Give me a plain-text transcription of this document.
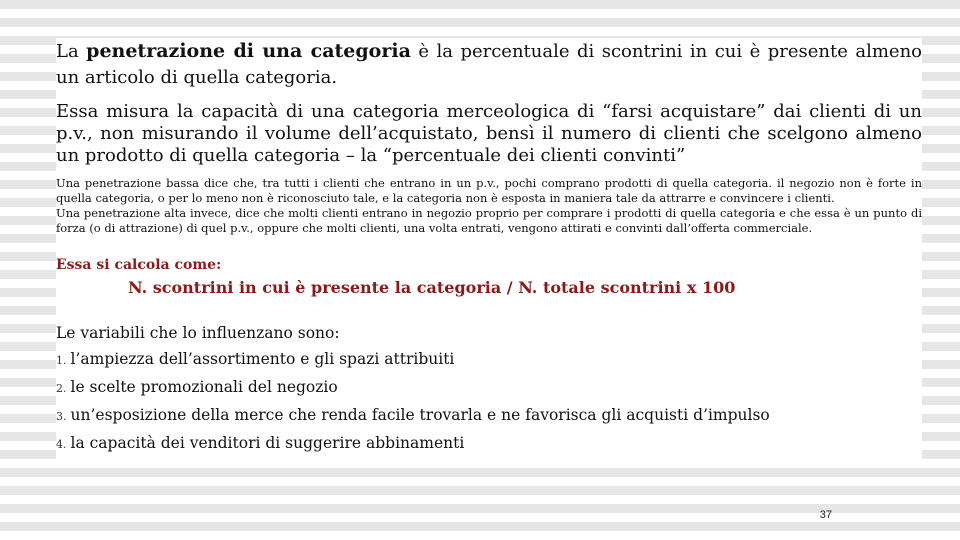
La penetrazione di una categoria è la percentuale di scontrini in cui è presente almeno un articolo di quella categoria.

Essa misura la capacità di una categoria merceologica di “farsi acquistare” dai clienti di un p.v., non misurando il volume dell’acquistato, bensì il numero di clienti che scelgono almeno un prodotto di quella categoria – la “percentuale dei clienti convinti”

Una penetrazione bassa dice che, tra tutti i clienti che entrano in un p.v., pochi comprano prodotti di quella categoria. il negozio non è forte in quella categoria, o per lo meno non è riconosciuto tale, e la categoria non è esposta in maniera tale da attrarre e convincere i clienti.

Una penetrazione alta invece, dice che molti clienti entrano in negozio proprio per comprare i prodotti di quella categoria e che essa è un punto di forza (o di attrazione) di quel p.v., oppure che molti clienti, una volta entrati, vengono attirati e convinti dall’offerta commerciale.

Essa si calcola come:
N. scontrini in cui è presente la categoria / N. totale scontrini x 100
Le variabili che lo influenzano sono:
1. l’ampiezza dell’assortimento e gli spazi attribuiti
2. le scelte promozionali del negozio
3. un’esposizione della merce che renda facile trovarla e ne favorisca gli acquisti d’impulso
4. la capacità dei venditori di suggerire abbinamenti
37
